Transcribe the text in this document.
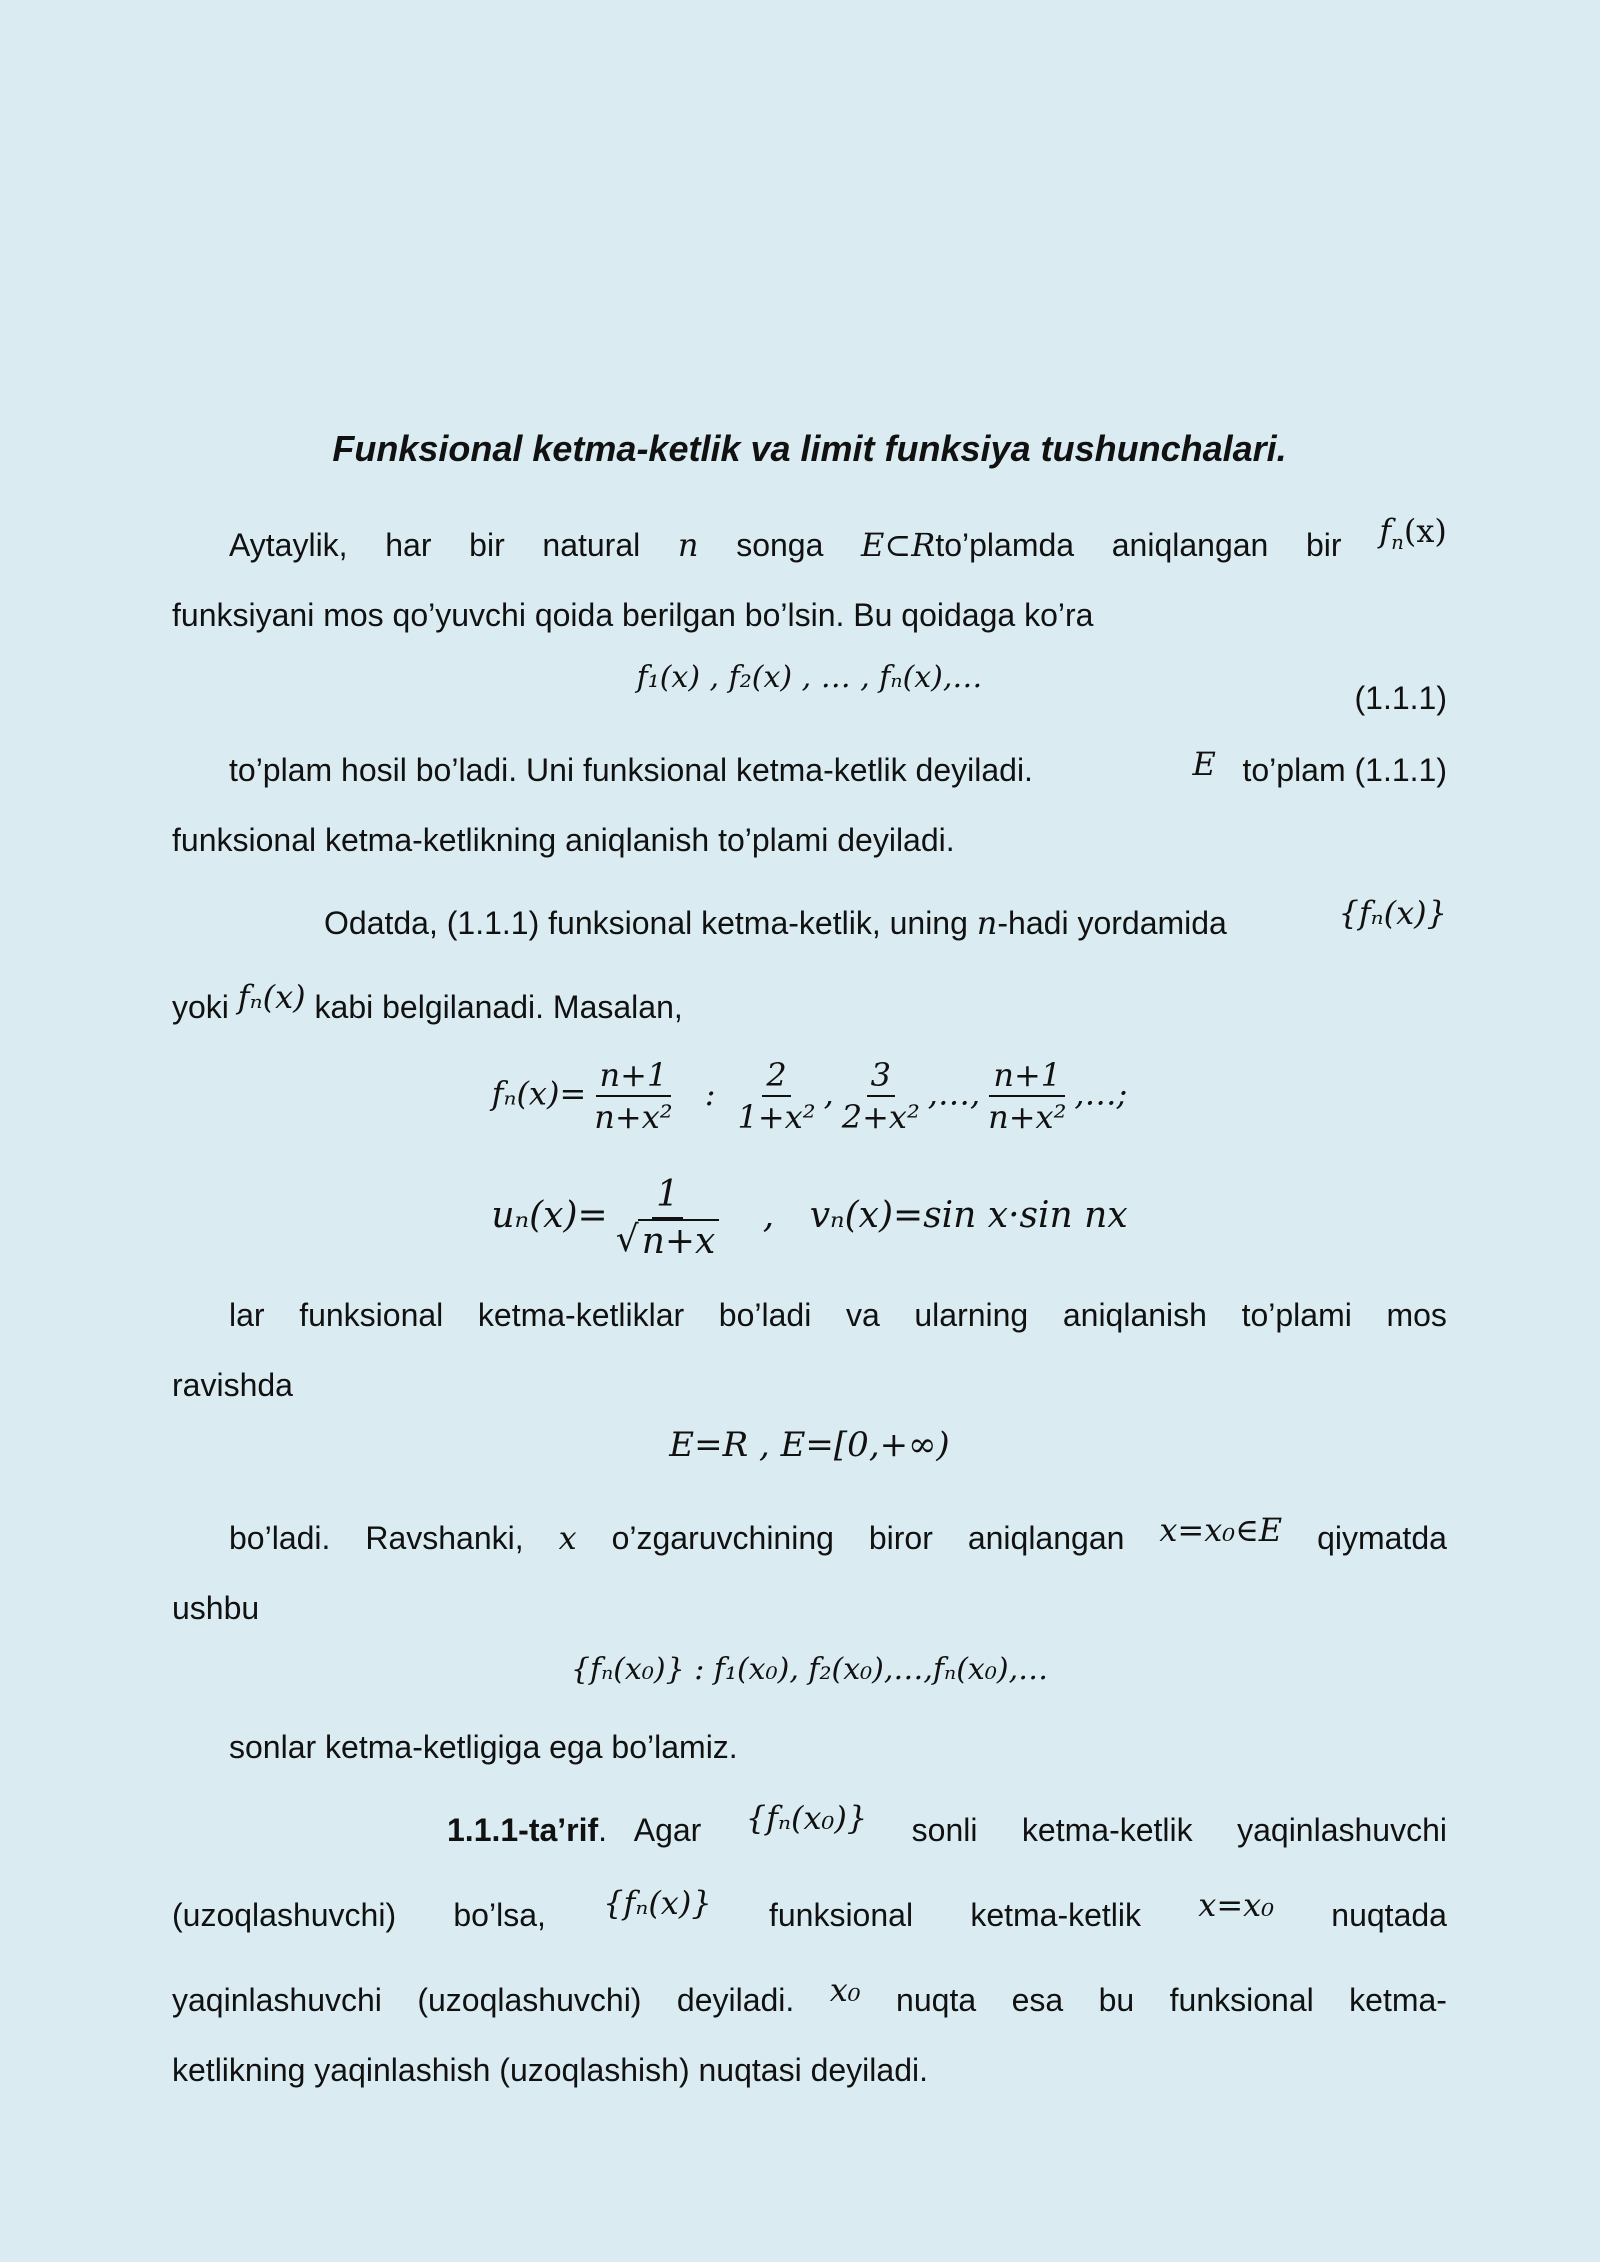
Funksional ketma-ketlik va limit funksiya tushunchalari.
Aytaylik, har bir natural n songa E⊂Rto’plamda aniqlangan bir $f_n(x)$
funksiyani mos qo’yuvchi qoida berilgan bo’lsin. Bu qoidaga ko’ra
f₁(x) , f₂(x) , … , fₙ(x),…
(1.1.1)
to’plam hosil bo’ladi. Uni funksional ketma-ketlik deyiladi.	E to’plam (1.1.1)
funksional ketma-ketlikning aniqlanish to’plami deyiladi.
Odatda, (1.1.1) funksional ketma-ketlik, uning n-hadi yordamida	{fₙ(x)}
yoki fₙ(x) kabi belgilanadi. Masalan,
$f_n(x)= \frac{n+1}{\text{n+x²}}$ : $\frac{2}{\text{1+x²}}$ , $\frac{3}{\text{2+x²}}$ ,…, $\frac{n+1}{\text{n+x²}}$ ,…;
uₙ(x)= 1
√ n+x , vₙ(x)=sin x·sin nx
lar funksional ketma-ketliklar bo’ladi va ularning aniqlanish to’plami mos
ravishda
E=R , E=[0,+∞)
bo’ladi. Ravshanki, x o’zgaruvchining biror aniqlangan x=x₀∈E qiymatda
ushbu
{fₙ(x₀)} : f₁(x₀), f₂(x₀),…,fₙ(x₀),…
sonlar ketma-ketligiga ega bo’lamiz.
1.1.1-ta’rif.   Agar {fₙ(x₀)} sonli ketma-ketlik yaqinlashuvchi
(uzoqlashuvchi) bo’lsa, {fₙ(x)} funksional ketma-ketlik x=x₀ nuqtada
yaqinlashuvchi (uzoqlashuvchi) deyiladi. x₀ nuqta esa bu funksional ketma-
ketlikning yaqinlashish (uzoqlashish) nuqtasi deyiladi.
